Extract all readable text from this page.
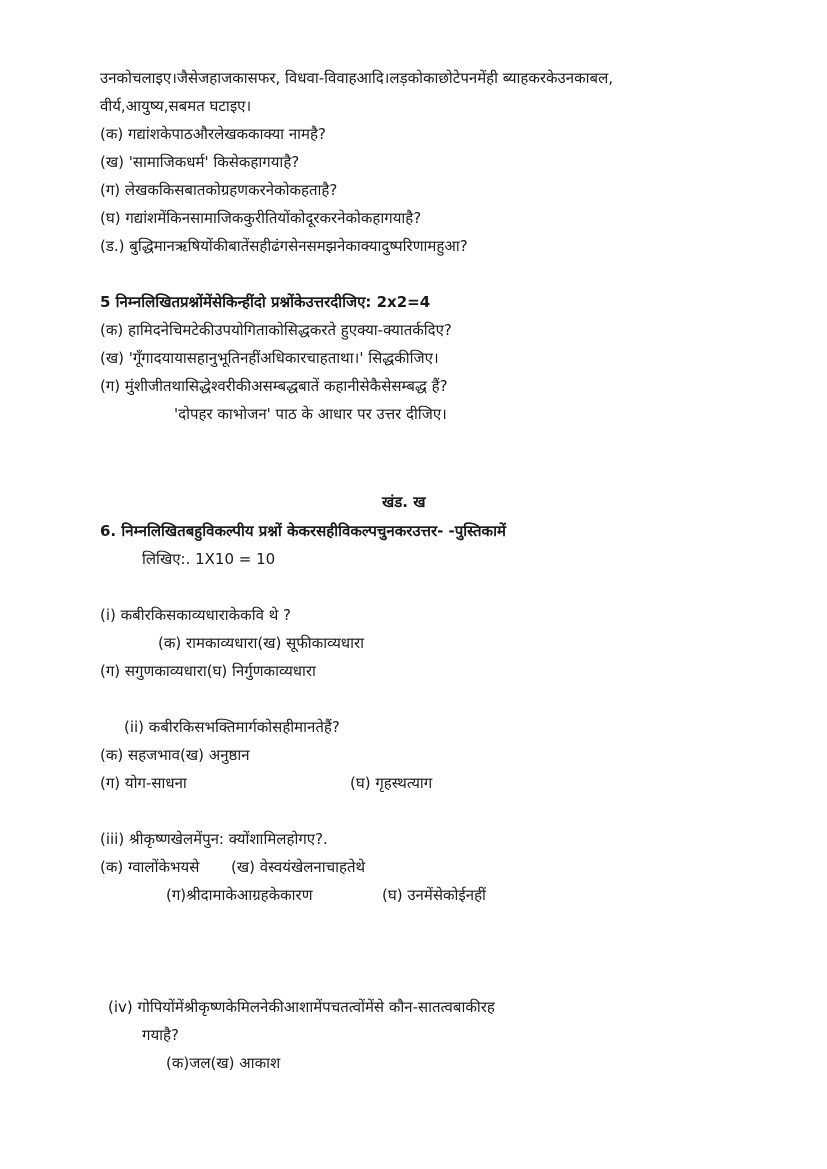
उनकोचलाइए।जैसेजहाजकासफर, विधवा-विवाहआदि।लड़कोकाछोटेपनमेंही ब्याहकरकेउनकाबल,
वीर्य,आयुष्य,सबमत घटाइए।
(क) गद्यांशकेपाठऔरलेखककाक्या नामहै?
(ख) 'सामाजिकधर्म' किसेकहागयाहै?
(ग) लेखककिसबातकोग्रहणकरनेकोकहताहै?
(घ) गद्यांशमेंकिनसामाजिककुरीतियोंकोदूरकरनेकोकहागयाहै?
(ड.) बुद्धिमानऋषियोंकीबातेंसहीढंगसेनसमझनेकाक्यादुष्परिणामहुआ?
5 निम्नलिखितप्रश्नोंमेंसेकिन्हींदो प्रश्नोंकेउत्तरदीजिए: 2x2=4
(क) हामिदनेचिमटेकीउपयोगिताकोसिद्धकरते हुएक्या-क्यातर्कदिए?
(ख) 'गूँगादयायासहानुभूतिनहींअधिकारचाहताथा।' सिद्धकीजिए।
(ग) मुंशीजीतथासिद्धेश्वरीकीअसम्बद्धबातें कहानीसेकैसेसम्बद्ध हैं?
'दोपहर काभोजन' पाठ के आधार पर उत्तर दीजिए।
खंड. ख
6. निम्नलिखितबहुविकल्पीय प्रश्नों केकरसहीविकल्पचुनकरउत्तर- -पुस्तिकामें
लिखिए:. 1X10 = 10
(i) कबीरकिसकाव्यधाराकेकवि थे ?
(क) रामकाव्यधारा(ख) सूफीकाव्यधारा
(ग) सगुणकाव्यधारा(घ) निर्गुणकाव्यधारा
(ii) कबीरकिसभक्तिमार्गकोसहीमानतेहैं?
(क) सहजभाव(ख) अनुष्ठान
(ग) योग-साधना	(घ) गृहस्थत्याग
(iii) श्रीकृष्णखेलमेंपुन: क्योंशामिलहोगए?.
(क) ग्वालोंकेभयसे (ख) वेस्वयंखेलनाचाहतेथे
(ग)श्रीदामाकेआग्रहकेकारण	(घ) उनमेंसेकोईनहीं
(iv) गोपियोंमेंश्रीकृष्णकेमिलनेकीआशामेंपचतत्वोंमेंसे कौन-सातत्वबाकीरह
गयाहै?
(क)जल(ख) आकाश
